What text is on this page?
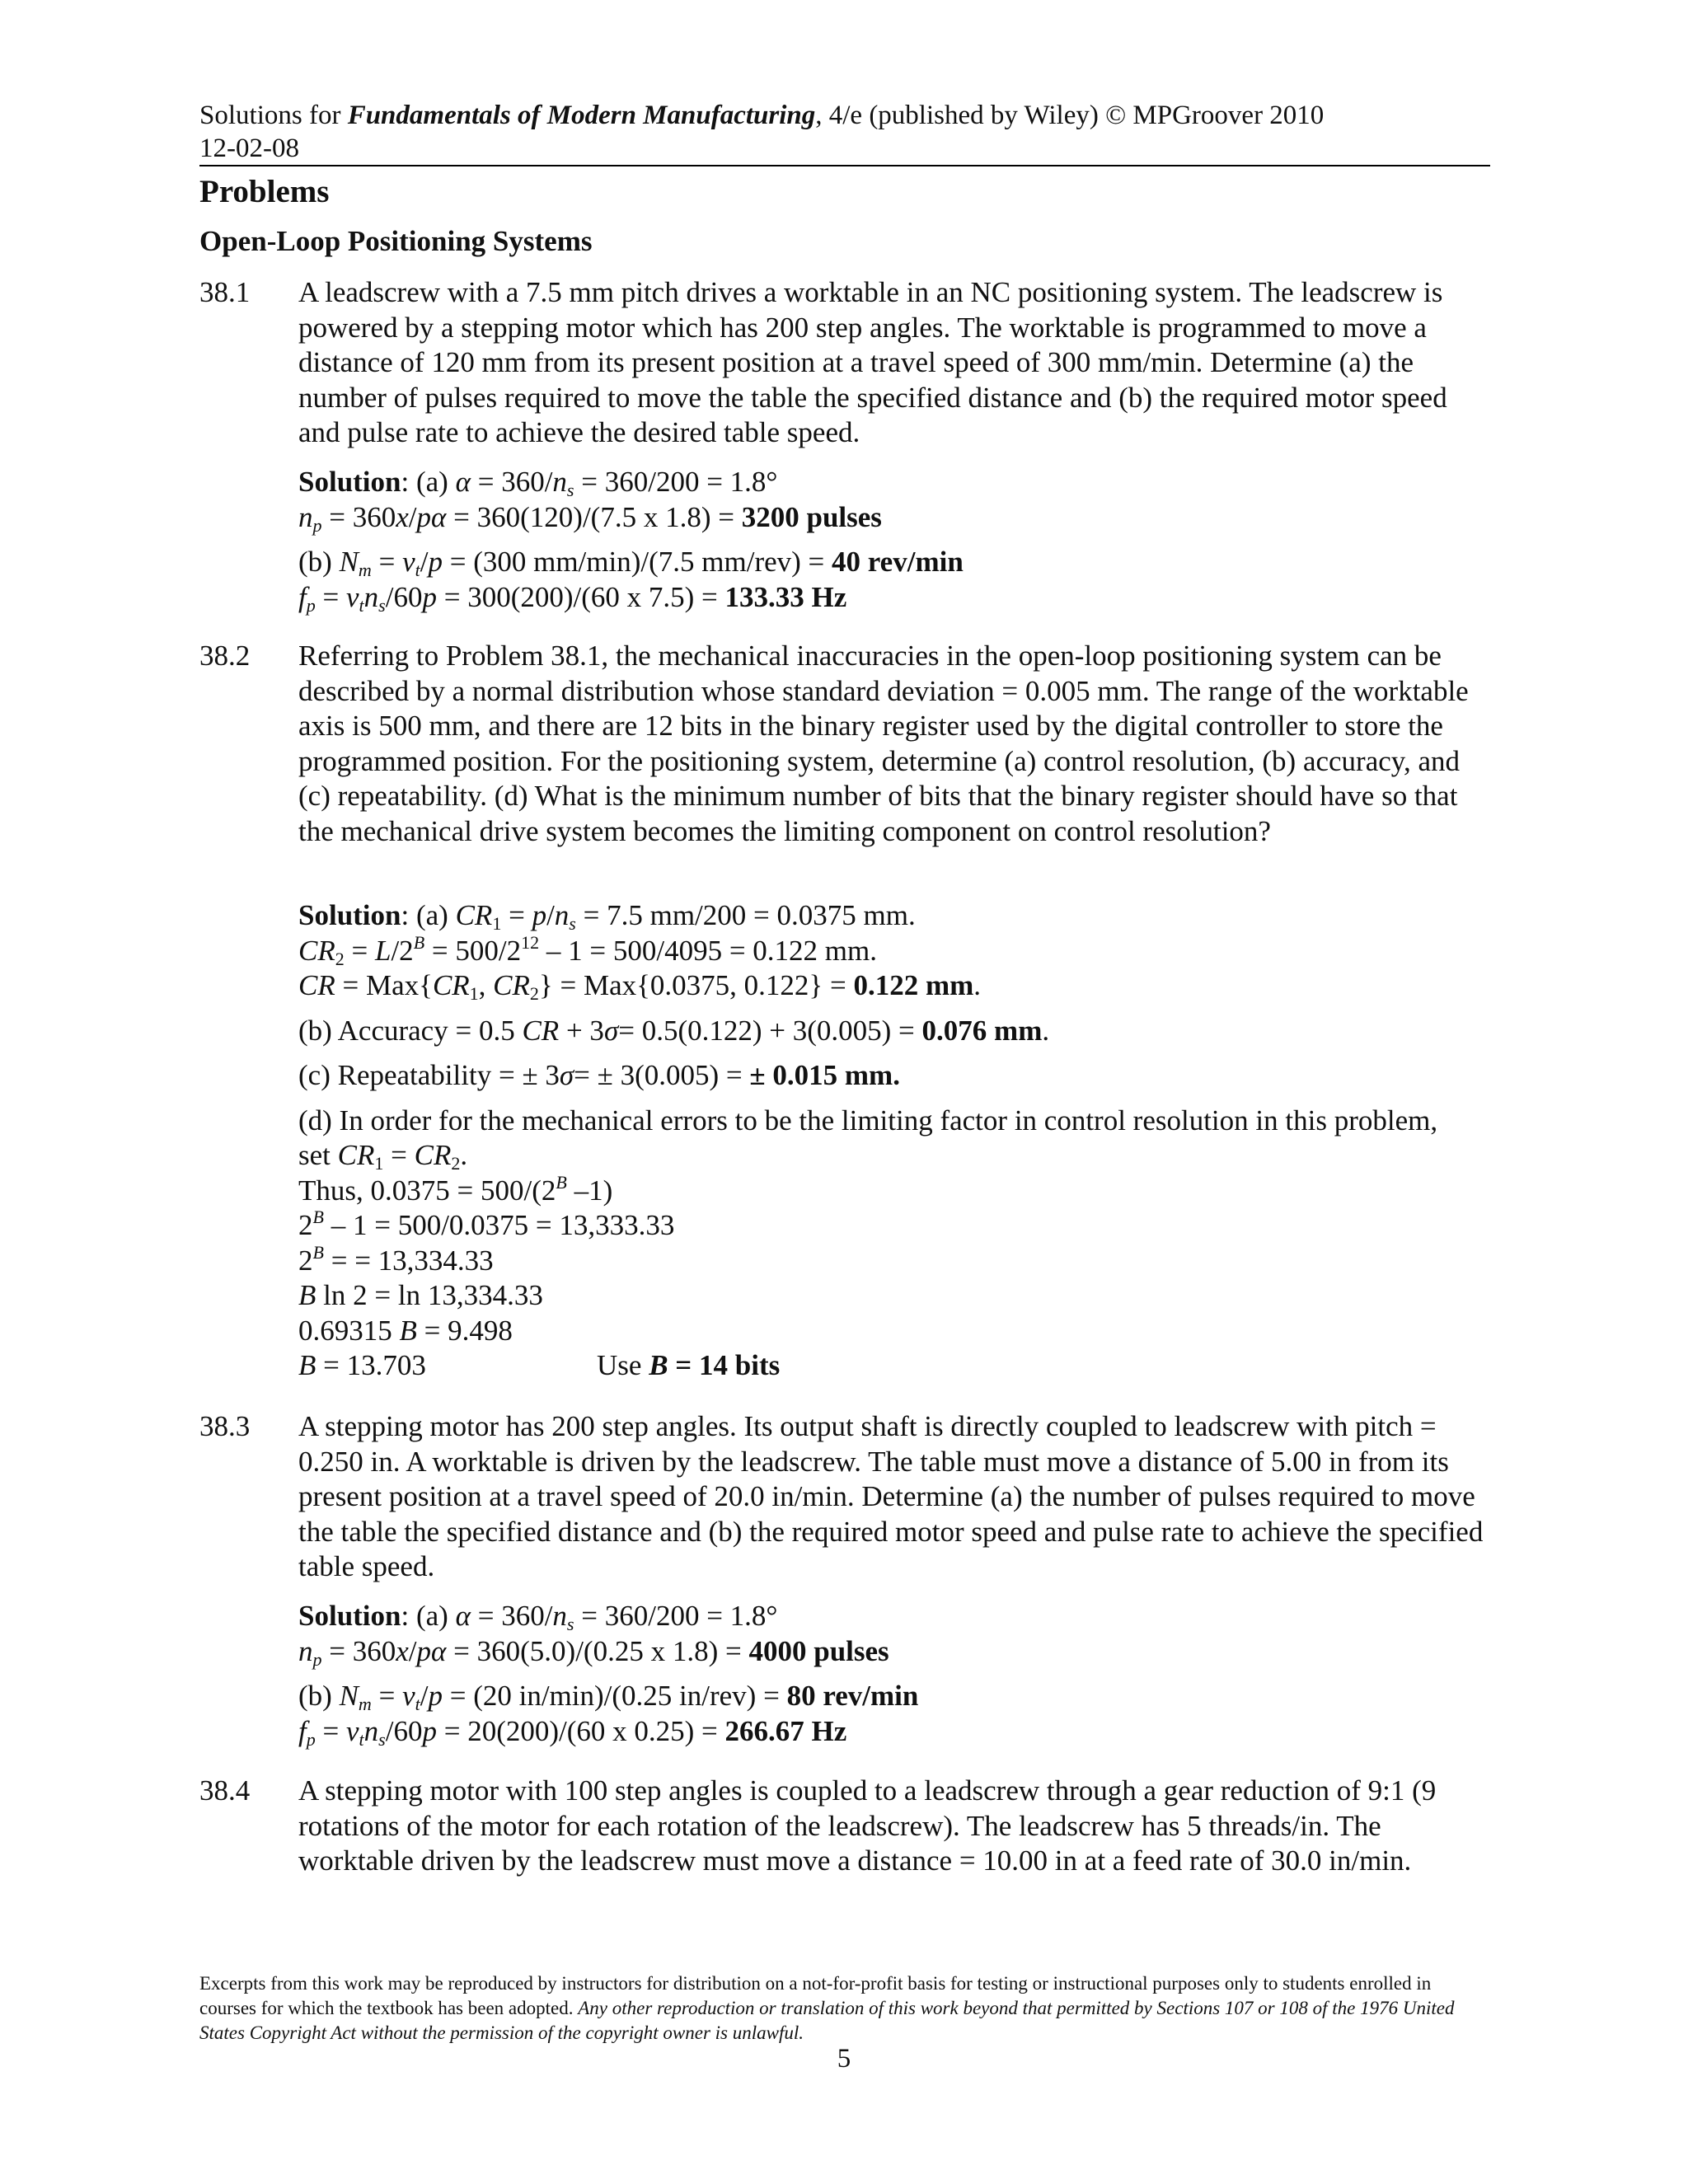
Solutions for Fundamentals of Modern Manufacturing, 4/e (published by Wiley) © MPGroover 2010
12-02-08
Problems
Open-Loop Positioning Systems
38.1 A leadscrew with a 7.5 mm pitch drives a worktable in an NC positioning system. The leadscrew is powered by a stepping motor which has 200 step angles. The worktable is programmed to move a distance of 120 mm from its present position at a travel speed of 300 mm/min. Determine (a) the number of pulses required to move the table the specified distance and (b) the required motor speed and pulse rate to achieve the desired table speed.

Solution: (a) $\alpha = 360/n_s = 360/200 = 1.8^\circ$
$n_p = 360x/p\alpha = 360(120)/(7.5$ x 1.8) = 3200 pulses
(b) $N_m = v_t/p = (300$ mm/min)/(7.5 mm/rev) = 40 rev/min
$f_p = v_tn_s/60p = 300(200)/(60$ x 7.5) = 133.33 Hz
38.2 Referring to Problem 38.1, the mechanical inaccuracies in the open-loop positioning system can be described by a normal distribution whose standard deviation = 0.005 mm. The range of the worktable axis is 500 mm, and there are 12 bits in the binary register used by the digital controller to store the programmed position. For the positioning system, determine (a) control resolution, (b) accuracy, and (c) repeatability. (d) What is the minimum number of bits that the binary register should have so that the mechanical drive system becomes the limiting component on control resolution?

Solution: (a) $CR_1 = p/n_s = 7.5$ mm/200 = 0.0375 mm.
$CR_2 = L/2^B = 500/2^{12} - 1 = 500/4095 = 0.122$ mm.
CR = $Max\{CR_1$, $CR_2\} = Max\{0.0375$, 0.122} = 0.122 mm.
(b) Accuracy = 0.5 CR + 3σ= 0.5(0.122) + 3(0.005) = 0.076 mm.
(c) Repeatability = ± 3σ= ± 3(0.005) = ± 0.015 mm.
(d) In order for the mechanical errors to be the limiting factor in control resolution in this problem,
set $CR_1 = CR_2$.
Thus, $0.0375 = 500/(2^B$ –1)
$2^B - 1 = 500/0.0375 = 13,333.33$
$2^B$ = = 13,334.33
B ln 2 = ln 13,334.33
0.69315 B = 9.498
B = 13.703	Use B = 14 bits
38.3 A stepping motor has 200 step angles. Its output shaft is directly coupled to leadscrew with pitch = 0.250 in. A worktable is driven by the leadscrew. The table must move a distance of 5.00 in from its present position at a travel speed of 20.0 in/min. Determine (a) the number of pulses required to move the table the specified distance and (b) the required motor speed and pulse rate to achieve the specified table speed.

Solution: (a) $\alpha = 360/n_s = 360/200 = 1.8^\circ$
$n_p = 360x/p\alpha = 360(5.0)/(0.25$ x 1.8) = 4000 pulses
(b) $N_m = v_t/p = (20$ in/min)/(0.25 in/rev) = 80 rev/min
$f_p = v_tn_s/60p = 20(200)/(60$ x 0.25) = 266.67 Hz
38.4 A stepping motor with 100 step angles is coupled to a leadscrew through a gear reduction of 9:1 (9 rotations of the motor for each rotation of the leadscrew). The leadscrew has 5 threads/in. The worktable driven by the leadscrew must move a distance = 10.00 in at a feed rate of 30.0 in/min.

Excerpts from this work may be reproduced by instructors for distribution on a not-for-profit basis for testing or instructional purposes only to students enrolled in courses for which the textbook has been adopted. Any other reproduction or translation of this work beyond that permitted by Sections 107 or 108 of the 1976 United States Copyright Act without the permission of the copyright owner is unlawful.
5
